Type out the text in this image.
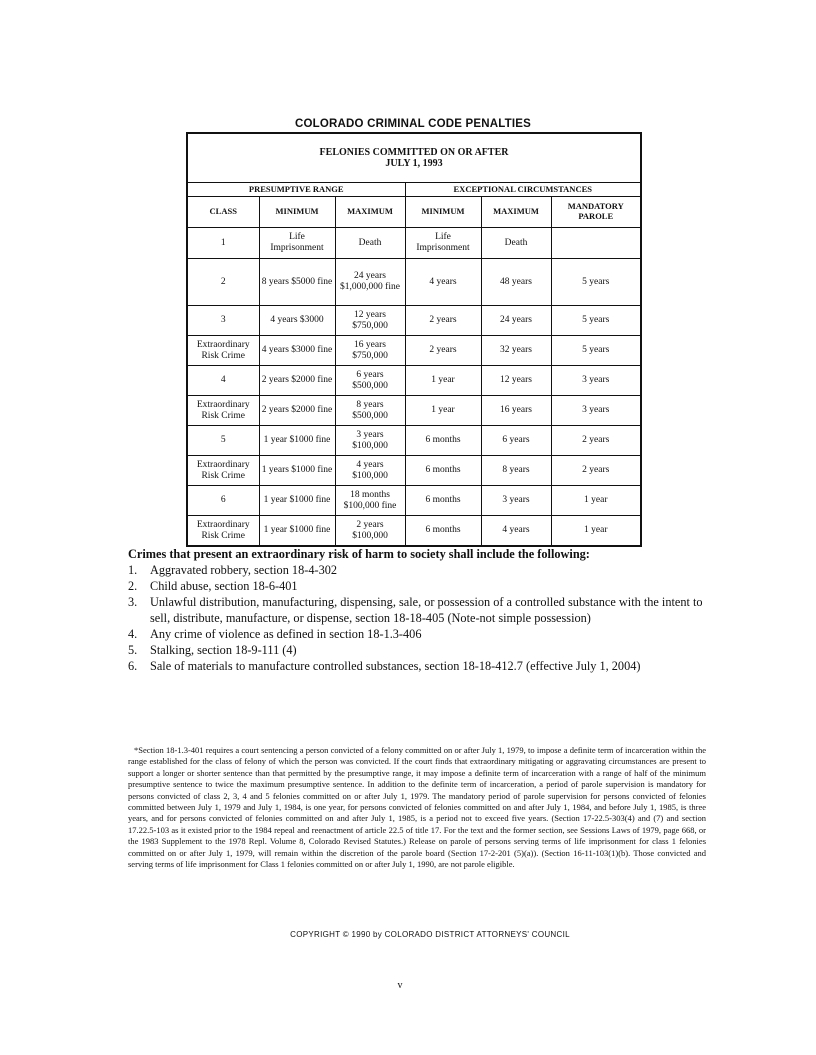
COLORADO CRIMINAL CODE PENALTIES
FELONIES COMMITTED ON OR AFTER
JULY 1, 1993					

PRESUMPTIVE RANGE			EXCEPTIONAL CIRCUMSTANCES		
CLASS	MINIMUM	MAXIMUM	MINIMUM	MAXIMUM	MANDATORY PAROLE
1	Life Imprisonment	Death	Life Imprisonment	Death	
2	8 years $5000 fine	24 years $1,000,000 fine	4 years	48 years	5 years
3	4 years $3000	12 years $750,000	2 years	24 years	5 years
Extraordinary Risk Crime	4 years $3000 fine	16 years $750,000	2 years	32 years	5 years
4	2 years $2000 fine	6 years $500,000	1 year	12 years	3 years
Extraordinary Risk Crime	2 years $2000 fine	8 years $500,000	1 year	16 years	3 years
5	1 year $1000 fine	3 years $100,000	6 months	6 years	2 years
Extraordinary Risk Crime	1 years $1000 fine	4 years $100,000	6 months	8 years	2 years
6	1 year $1000 fine	18 months $100,000 fine	6 months	3 years	1 year
Extraordinary Risk Crime	1 year $1000 fine	2 years $100,000	6 months	4 years	1 year
Crimes that present an extraordinary risk of harm to society shall include the following:
1.	Aggravated robbery, section 18-4-302
2.	Child abuse, section 18-6-401
3.	Unlawful distribution, manufacturing, dispensing, sale, or possession of a controlled substance with the intent to sell, distribute, manufacture, or dispense, section 18-18-405 (Note-not simple possession)
4.	Any crime of violence as defined in section 18-1.3-406
5.	Stalking, section 18-9-111 (4)
6.	Sale of materials to manufacture controlled substances, section 18-18-412.7 (effective July 1, 2004)
*Section 18-1.3-401 requires a court sentencing a person convicted of a felony committed on or after July 1, 1979, to impose a definite term of incarceration within the range established for the class of felony of which the person was convicted. If the court finds that extraordinary mitigating or aggravating circumstances are present to support a longer or shorter sentence than that permitted by the presumptive range, it may impose a definite term of incarceration with a range of half of the minimum presumptive sentence to twice the maximum presumptive sentence. In addition to the definite term of incarceration, a period of parole supervision is mandatory for persons convicted of class 2, 3, 4 and 5 felonies committed on or after July 1, 1979. The mandatory period of parole supervision for persons convicted of felonies committed between July 1, 1979 and July 1, 1984, is one year, for persons convicted of felonies committed on and after July 1, 1984, and before July 1, 1985, is three years, and for persons convicted of felonies committed on and after July 1, 1985, is a period not to exceed five years. (Section 17-22.5-303(4) and (7) and section 17.22.5-103 as it existed prior to the 1984 repeal and reenactment of article 22.5 of title 17. For the text and the former section, see Sessions Laws of 1979, page 668, or the 1983 Supplement to the 1978 Repl. Volume 8, Colorado Revised Statutes.) Release on parole of persons serving terms of life imprisonment for class 1 felonies committed on or after July 1, 1979, will remain within the discretion of the parole board (Section 17-2-201 (5)(a)). (Section 16-11-103(1)(b). Those convicted and serving terms of life imprisonment for Class 1 felonies committed on or after July 1, 1990, are not parole eligible.
COPYRIGHT © 1990 by COLORADO DISTRICT ATTORNEYS' COUNCIL
v
